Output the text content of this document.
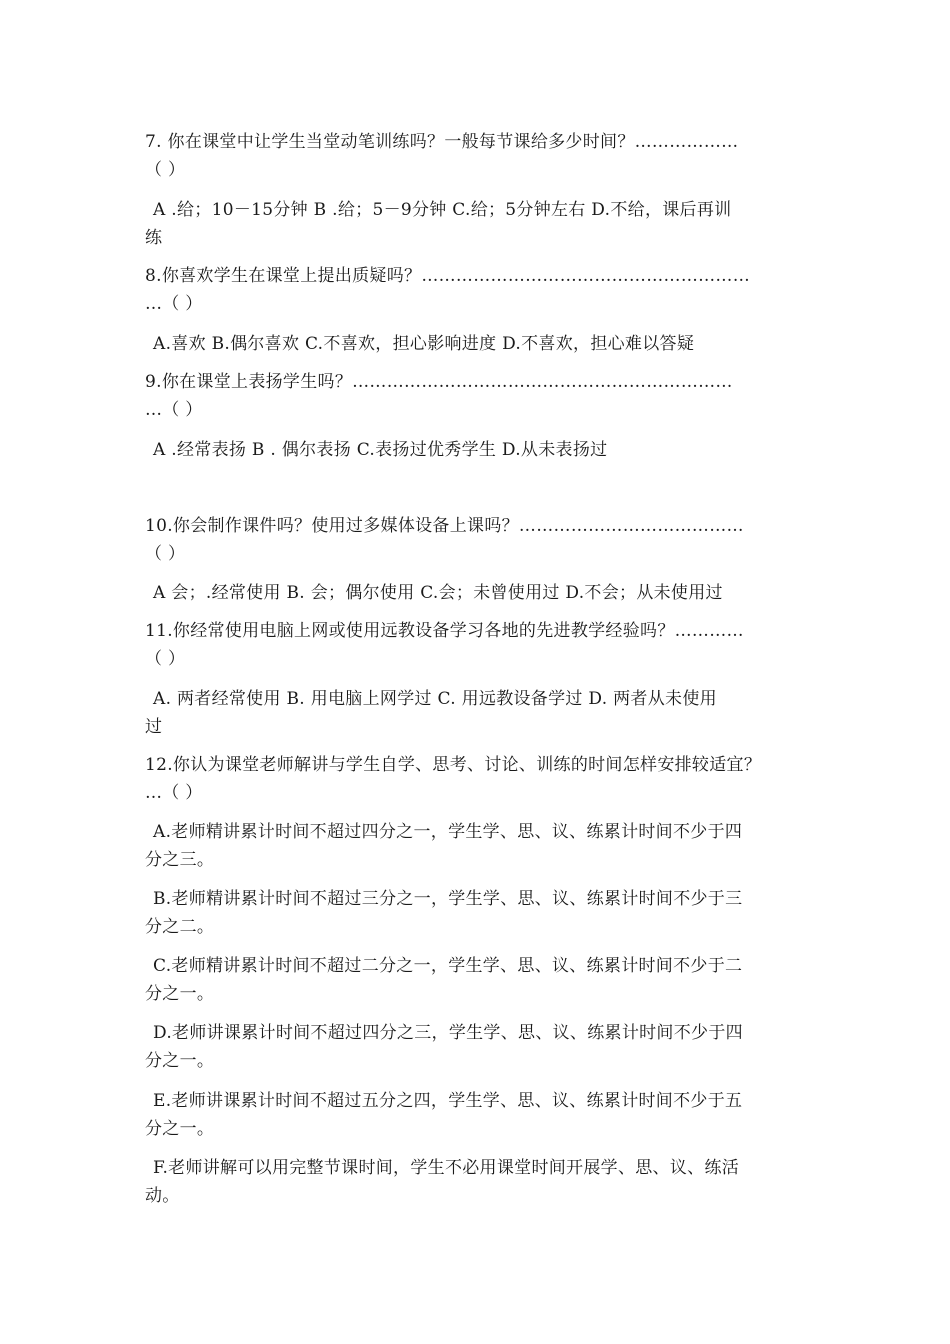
7. 你在课堂中让学生当堂动笔训练吗？一般每节课给多少时间？………………
（ ）
A .给；10－15分钟 B .给；5－9分钟 C.给；5分钟左右 D.不给，课后再训
练
8.你喜欢学生在课堂上提出质疑吗？…………………………………………………
…（ ）
A.喜欢 B.偶尔喜欢 C.不喜欢，担心影响进度 D.不喜欢，担心难以答疑
9.你在课堂上表扬学生吗？…………………………………………………………
…（ ）
A .经常表扬 B . 偶尔表扬 C.表扬过优秀学生 D.从未表扬过
10.你会制作课件吗？使用过多媒体设备上课吗？…………………………………
（ ）
A 会；.经常使用 B. 会；偶尔使用 C.会；未曾使用过 D.不会；从未使用过
11.你经常使用电脑上网或使用远教设备学习各地的先进教学经验吗？…………
（ ）
A. 两者经常使用 B. 用电脑上网学过 C. 用远教设备学过 D. 两者从未使用
过
12.你认为课堂老师解讲与学生自学、思考、讨论、训练的时间怎样安排较适宜？
…（ ）
A.老师精讲累计时间不超过四分之一，学生学、思、议、练累计时间不少于四
分之三。
B.老师精讲累计时间不超过三分之一，学生学、思、议、练累计时间不少于三
分之二。
C.老师精讲累计时间不超过二分之一，学生学、思、议、练累计时间不少于二
分之一。
D.老师讲课累计时间不超过四分之三，学生学、思、议、练累计时间不少于四
分之一。
E.老师讲课累计时间不超过五分之四，学生学、思、议、练累计时间不少于五
分之一。
F.老师讲解可以用完整节课时间，学生不必用课堂时间开展学、思、议、练活
动。
